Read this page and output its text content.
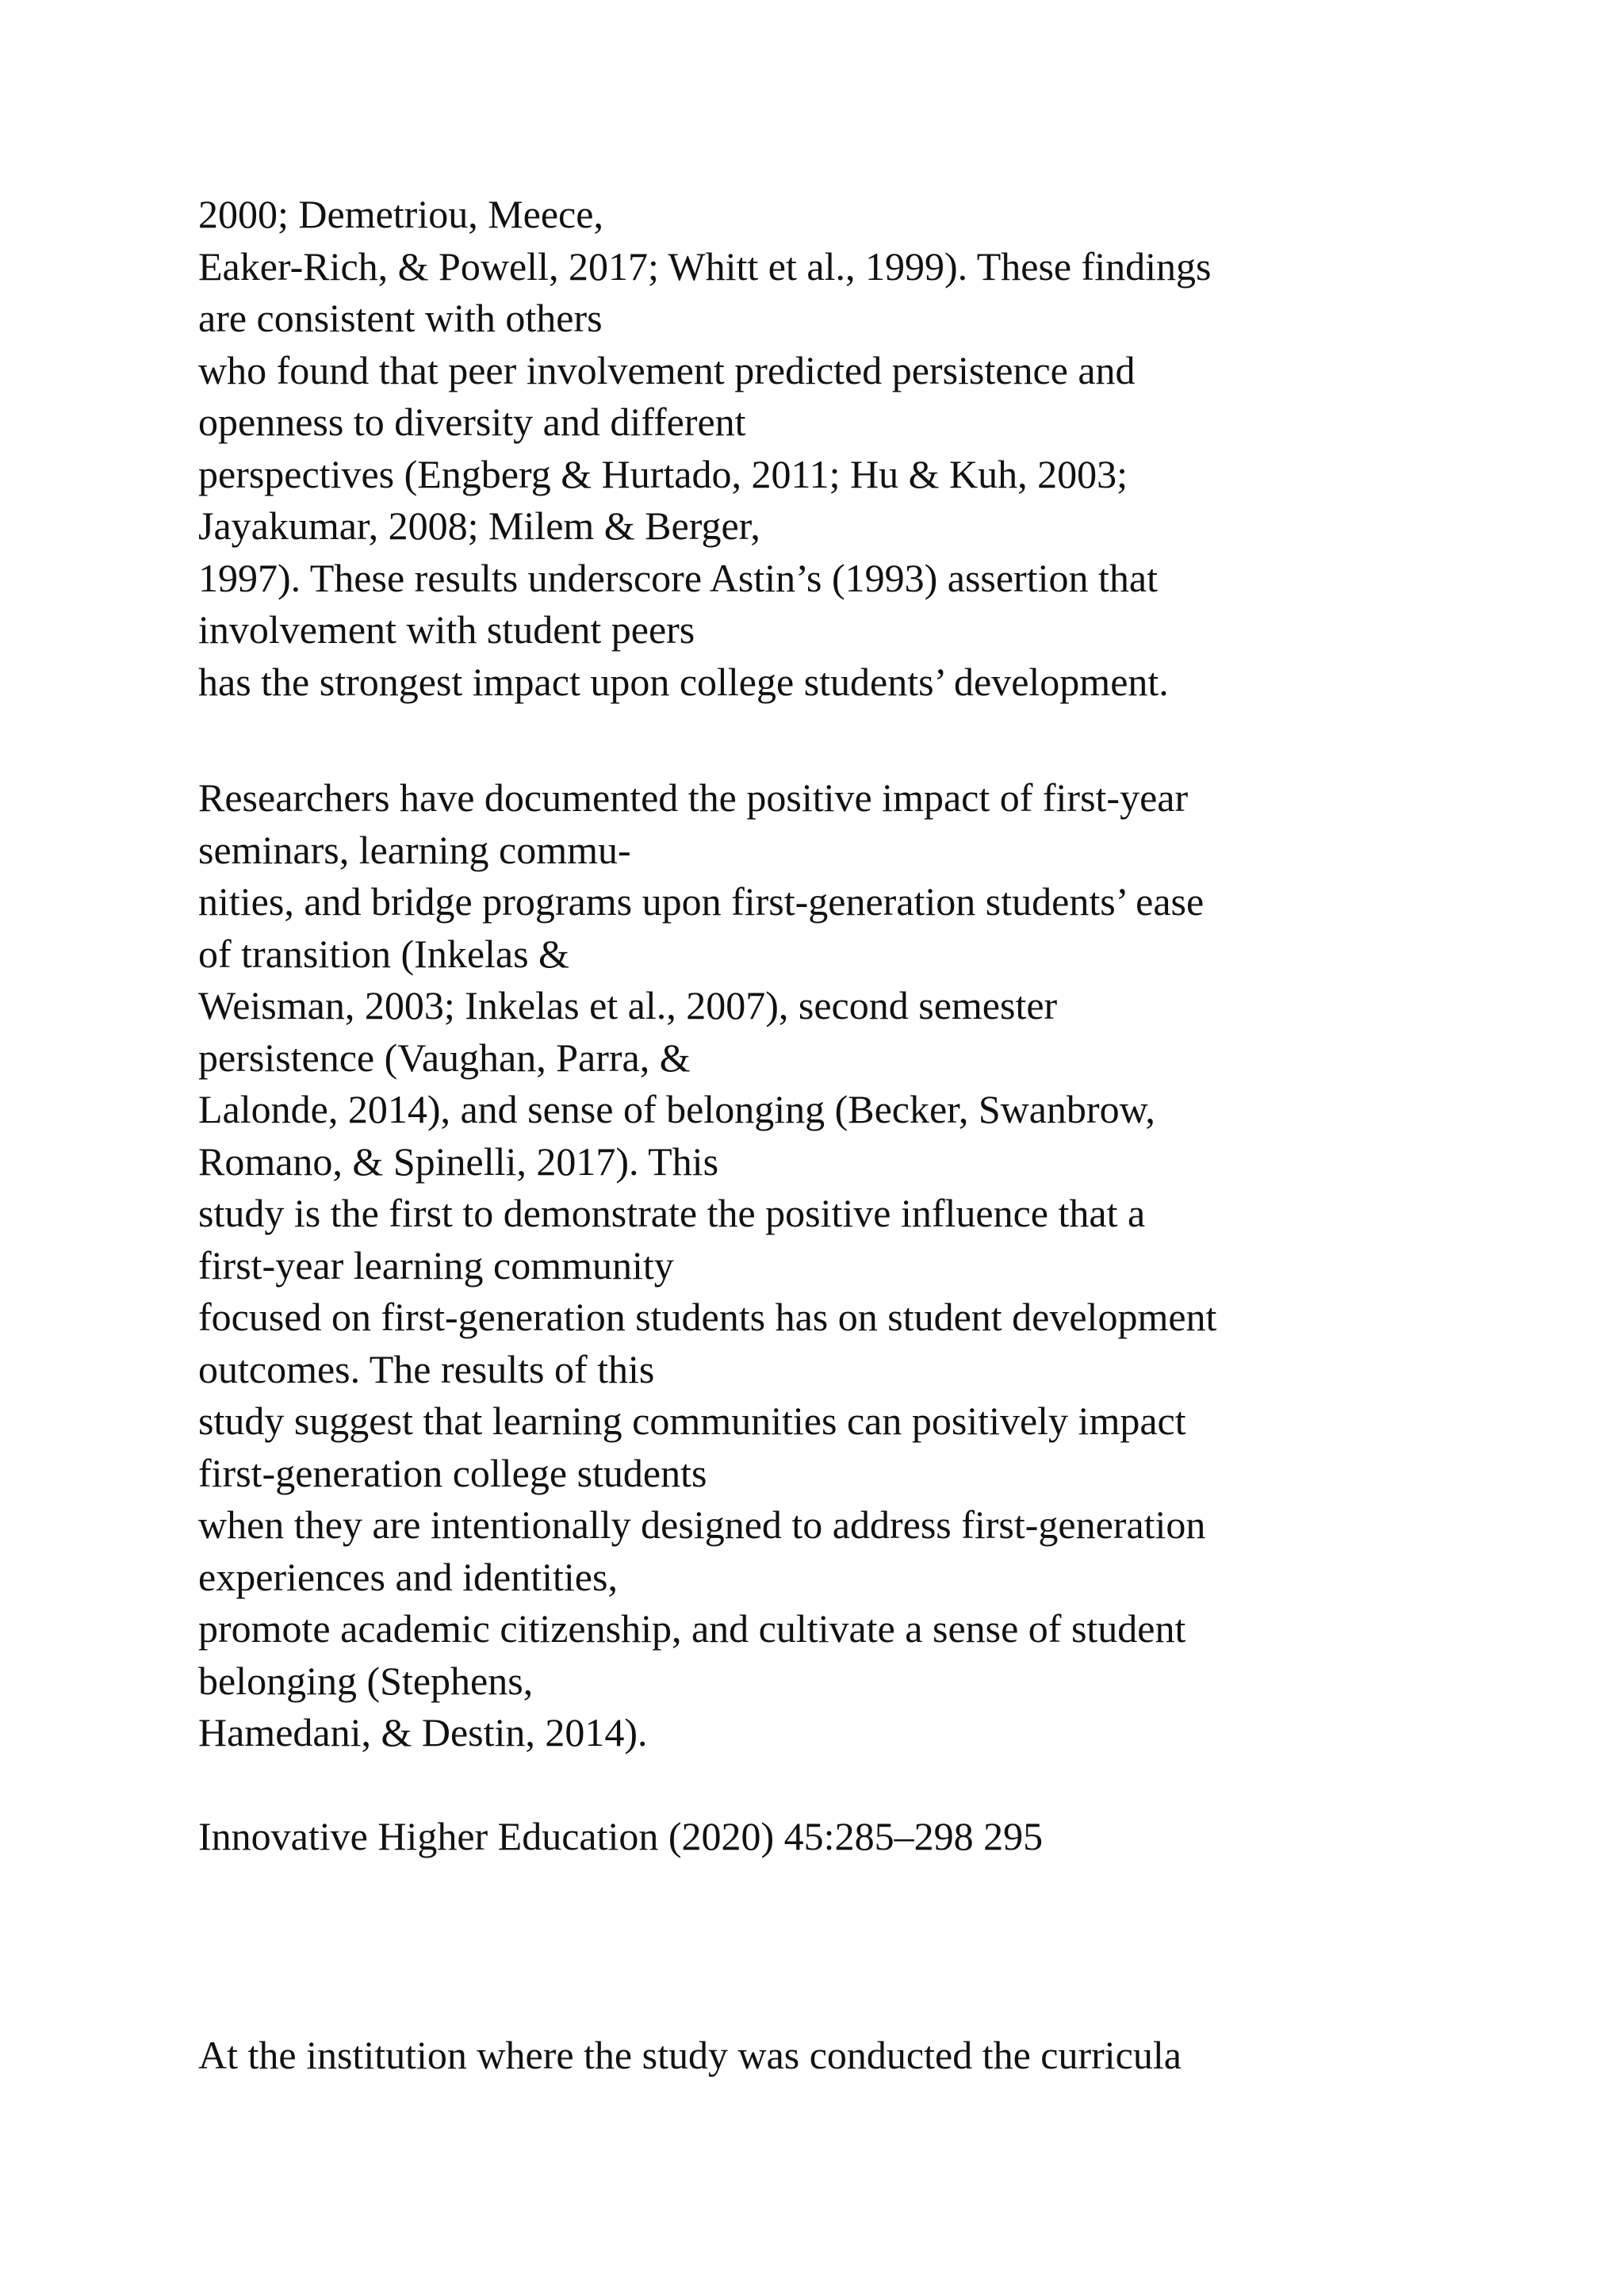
2000; Demetriou, Meece,
Eaker-Rich, & Powell, 2017; Whitt et al., 1999). These findings
are consistent with others
who found that peer involvement predicted persistence and
openness to diversity and different
perspectives (Engberg & Hurtado, 2011; Hu & Kuh, 2003;
Jayakumar, 2008; Milem & Berger,
1997). These results underscore Astin’s (1993) assertion that
involvement with student peers
has the strongest impact upon college students’ development.

Researchers have documented the positive impact of first-year
seminars, learning commu-
nities, and bridge programs upon first-generation students’ ease
of transition (Inkelas &
Weisman, 2003; Inkelas et al., 2007), second semester
persistence (Vaughan, Parra, &
Lalonde, 2014), and sense of belonging (Becker, Swanbrow,
Romano, & Spinelli, 2017). This
study is the first to demonstrate the positive influence that a
first-year learning community
focused on first-generation students has on student development
outcomes. The results of this
study suggest that learning communities can positively impact
first-generation college students
when they are intentionally designed to address first-generation
experiences and identities,
promote academic citizenship, and cultivate a sense of student
belonging (Stephens,
Hamedani, & Destin, 2014).

Innovative Higher Education (2020) 45:285–298 295

At the institution where the study was conducted the curricula
